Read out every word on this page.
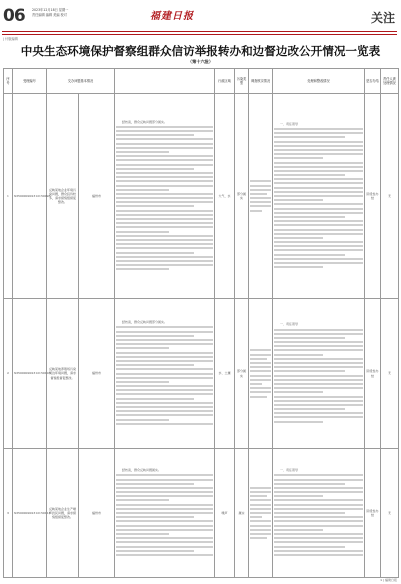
06 2023年12月18日 星期一
责任编辑 编辑 美编 校对	福建日报	关注
| 付版编辑
中央生态环境保护督察组群众信访举报转办和边督边改公开情况一览表
（第十六批）
序号	受理编号	交办问题基本情况			行政区域	污染类型	调查核实情况	处理和整改情况	是否办结	责任人被处理情况
1	X350000202312150096	反映某地企业环境污染问题，群众投诉较多，请求督察组督促整改。	福州市	经核查，群众反映问题部分属实。	大气、水	部分属实		一、责任领导	阶段性办结	无
2	X350000202312150103	反映某地养殖场污染周边环境问题，请求督察组督促整改。	福州市	经核查，群众反映问题部分属实。	水、土壤	部分属实		一、责任领导	阶段性办结	无
3	X350000202312150118	反映某地企业生产噪声扰民问题，请求督察组督促整改。	福州市	经核查，群众反映问题属实。	噪声	属实		一、责任领导	阶段性办结	无
1 | 福建日报
